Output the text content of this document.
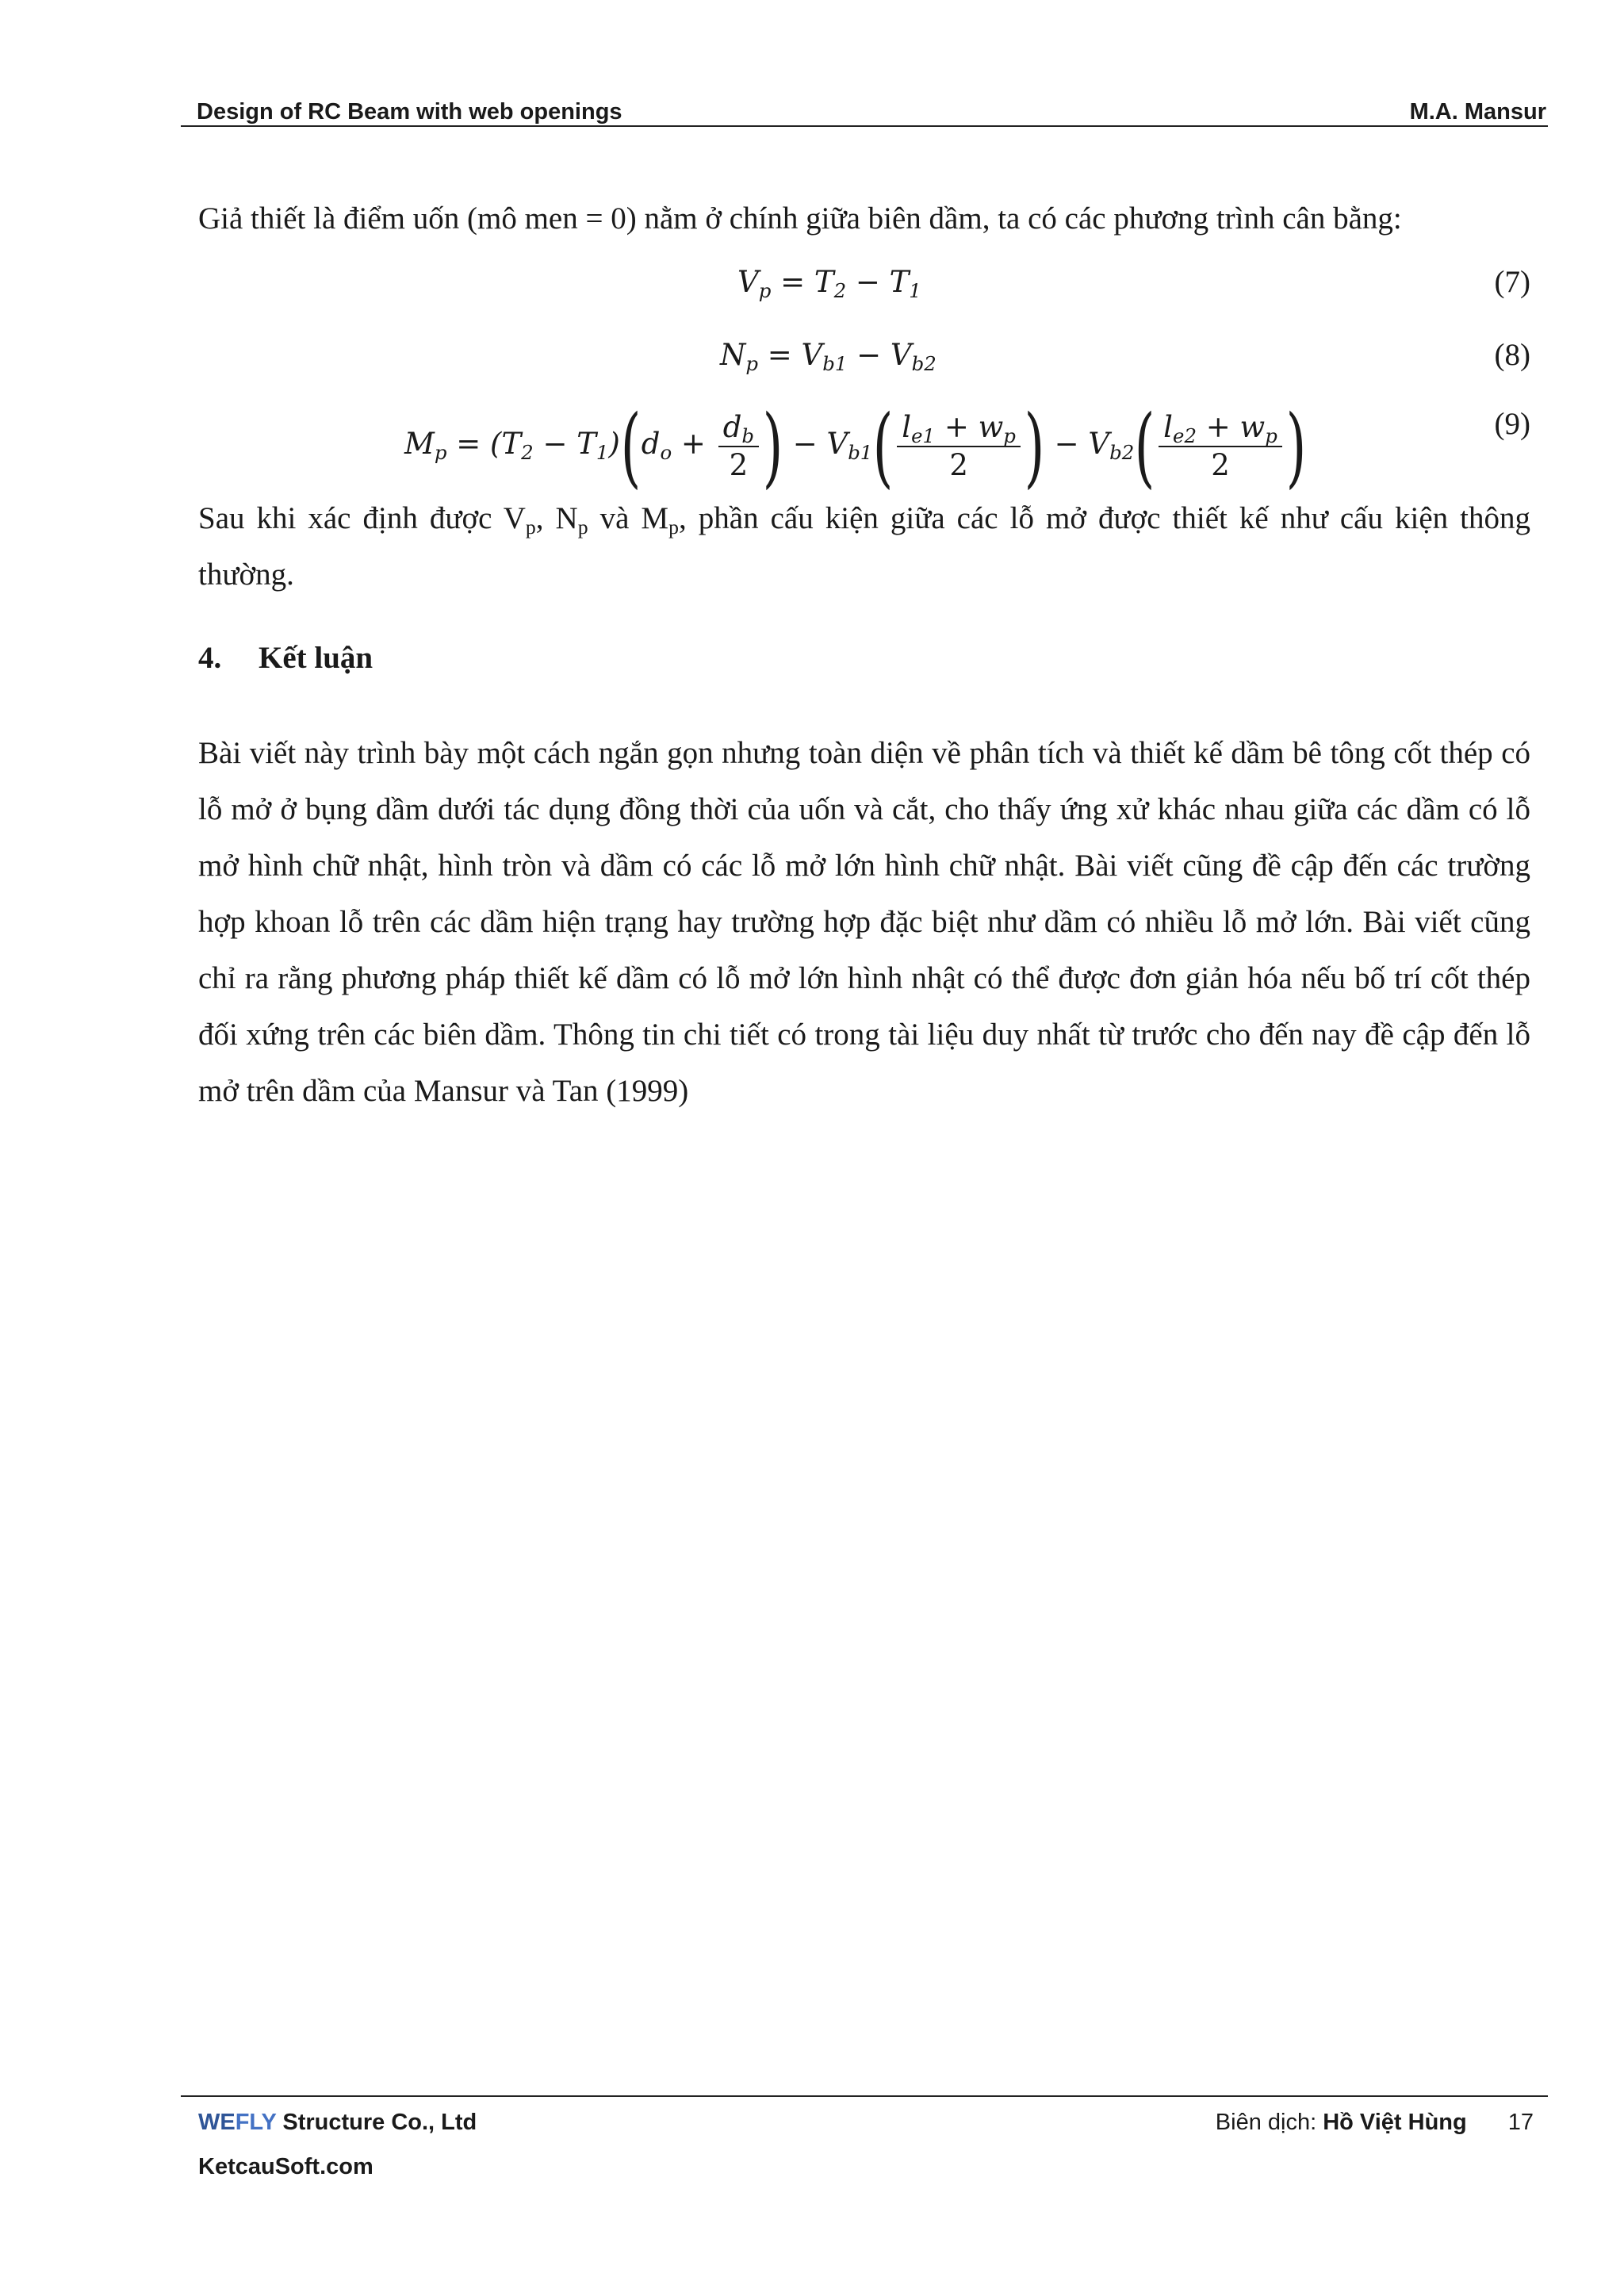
Design of RC Beam with web openings	M.A. Mansur
Giả thiết là điểm uốn (mô men = 0) nằm ở chính giữa biên dầm, ta có các phương trình cân bằng:
$V_p = T_2 - T_1$	(7)
$N_p = V_{b1} - V_{b2}$	(8)
$M_p = (T_2 - T_1)(d_o + \frac{d_b}{2}$ ) − $V_{b1}( \frac{l_{e1} + w_p}{2}$ ) − $V_{b2}( \frac{l_{e2} + w_p}{2}$ )	(9)
Sau khi xác định được $V_p$, $N_p$ và $M_p$, phần cấu kiện giữa các lỗ mở được thiết kế như cấu kiện thông thường.
4. Kết luận
Bài viết này trình bày một cách ngắn gọn nhưng toàn diện về phân tích và thiết kế dầm bê tông cốt thép có lỗ mở ở bụng dầm dưới tác dụng đồng thời của uốn và cắt, cho thấy ứng xử khác nhau giữa các dầm có lỗ mở hình chữ nhật, hình tròn và dầm có các lỗ mở lớn hình chữ nhật. Bài viết cũng đề cập đến các trường hợp khoan lỗ trên các dầm hiện trạng hay trường hợp đặc biệt như dầm có nhiều lỗ mở lớn. Bài viết cũng chỉ ra rằng phương pháp thiết kế dầm có lỗ mở lớn hình nhật có thể được đơn giản hóa nếu bố trí cốt thép đối xứng trên các biên dầm. Thông tin chi tiết có trong tài liệu duy nhất từ trước cho đến nay đề cập đến lỗ mở trên dầm của Mansur và Tan (1999)
WEFLY Structure Co., Ltd
KetcauSoft.com
Biên dịch: Hồ Việt Hùng 17
